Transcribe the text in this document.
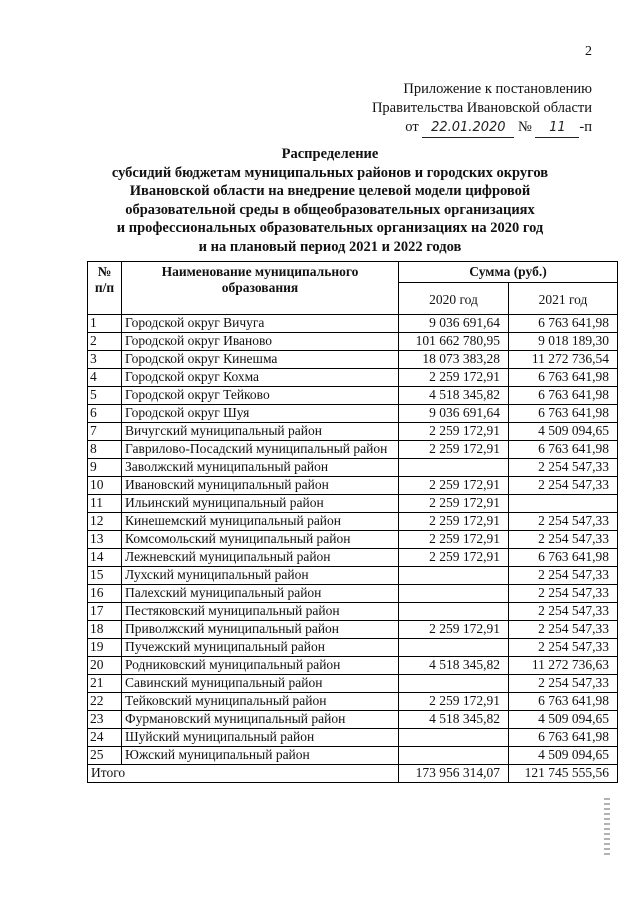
2
Приложение к постановлению
Правительства Ивановской области
от 22.01.2020 № 11 -п
Распределение
субсидий бюджетам муниципальных районов и городских округов
Ивановской области на внедрение целевой модели цифровой
образовательной среды в общеобразовательных организациях
и профессиональных образовательных организациях на 2020 год
и на плановый период 2021 и 2022 годов
№ п/п	Наименование муниципального образования	Сумма (руб.)	
		2020 год	2021 год
1	Городской округ Вичуга	9 036 691,64	6 763 641,98
2	Городской округ Иваново	101 662 780,95	9 018 189,30
3	Городской округ Кинешма	18 073 383,28	11 272 736,54
4	Городской округ Кохма	2 259 172,91	6 763 641,98
5	Городской округ Тейково	4 518 345,82	6 763 641,98
6	Городской округ Шуя	9 036 691,64	6 763 641,98
7	Вичугский муниципальный район	2 259 172,91	4 509 094,65
8	Гаврилово-Посадский муниципальный район	2 259 172,91	6 763 641,98
9	Заволжский муниципальный район		2 254 547,33
10	Ивановский муниципальный район	2 259 172,91	2 254 547,33
11	Ильинский муниципальный район	2 259 172,91	
12	Кинешемский муниципальный район	2 259 172,91	2 254 547,33
13	Комсомольский муниципальный район	2 259 172,91	2 254 547,33
14	Лежневский муниципальный район	2 259 172,91	6 763 641,98
15	Лухский муниципальный район		2 254 547,33
16	Палехский муниципальный район		2 254 547,33
17	Пестяковский муниципальный район		2 254 547,33
18	Приволжский муниципальный район	2 259 172,91	2 254 547,33
19	Пучежский муниципальный район		2 254 547,33
20	Родниковский муниципальный район	4 518 345,82	11 272 736,63
21	Савинский муниципальный район		2 254 547,33
22	Тейковский муниципальный район	2 259 172,91	6 763 641,98
23	Фурмановский муниципальный район	4 518 345,82	4 509 094,65
24	Шуйский муниципальный район		6 763 641,98
25	Южский муниципальный район		4 509 094,65
Итого		173 956 314,07	121 745 555,56
